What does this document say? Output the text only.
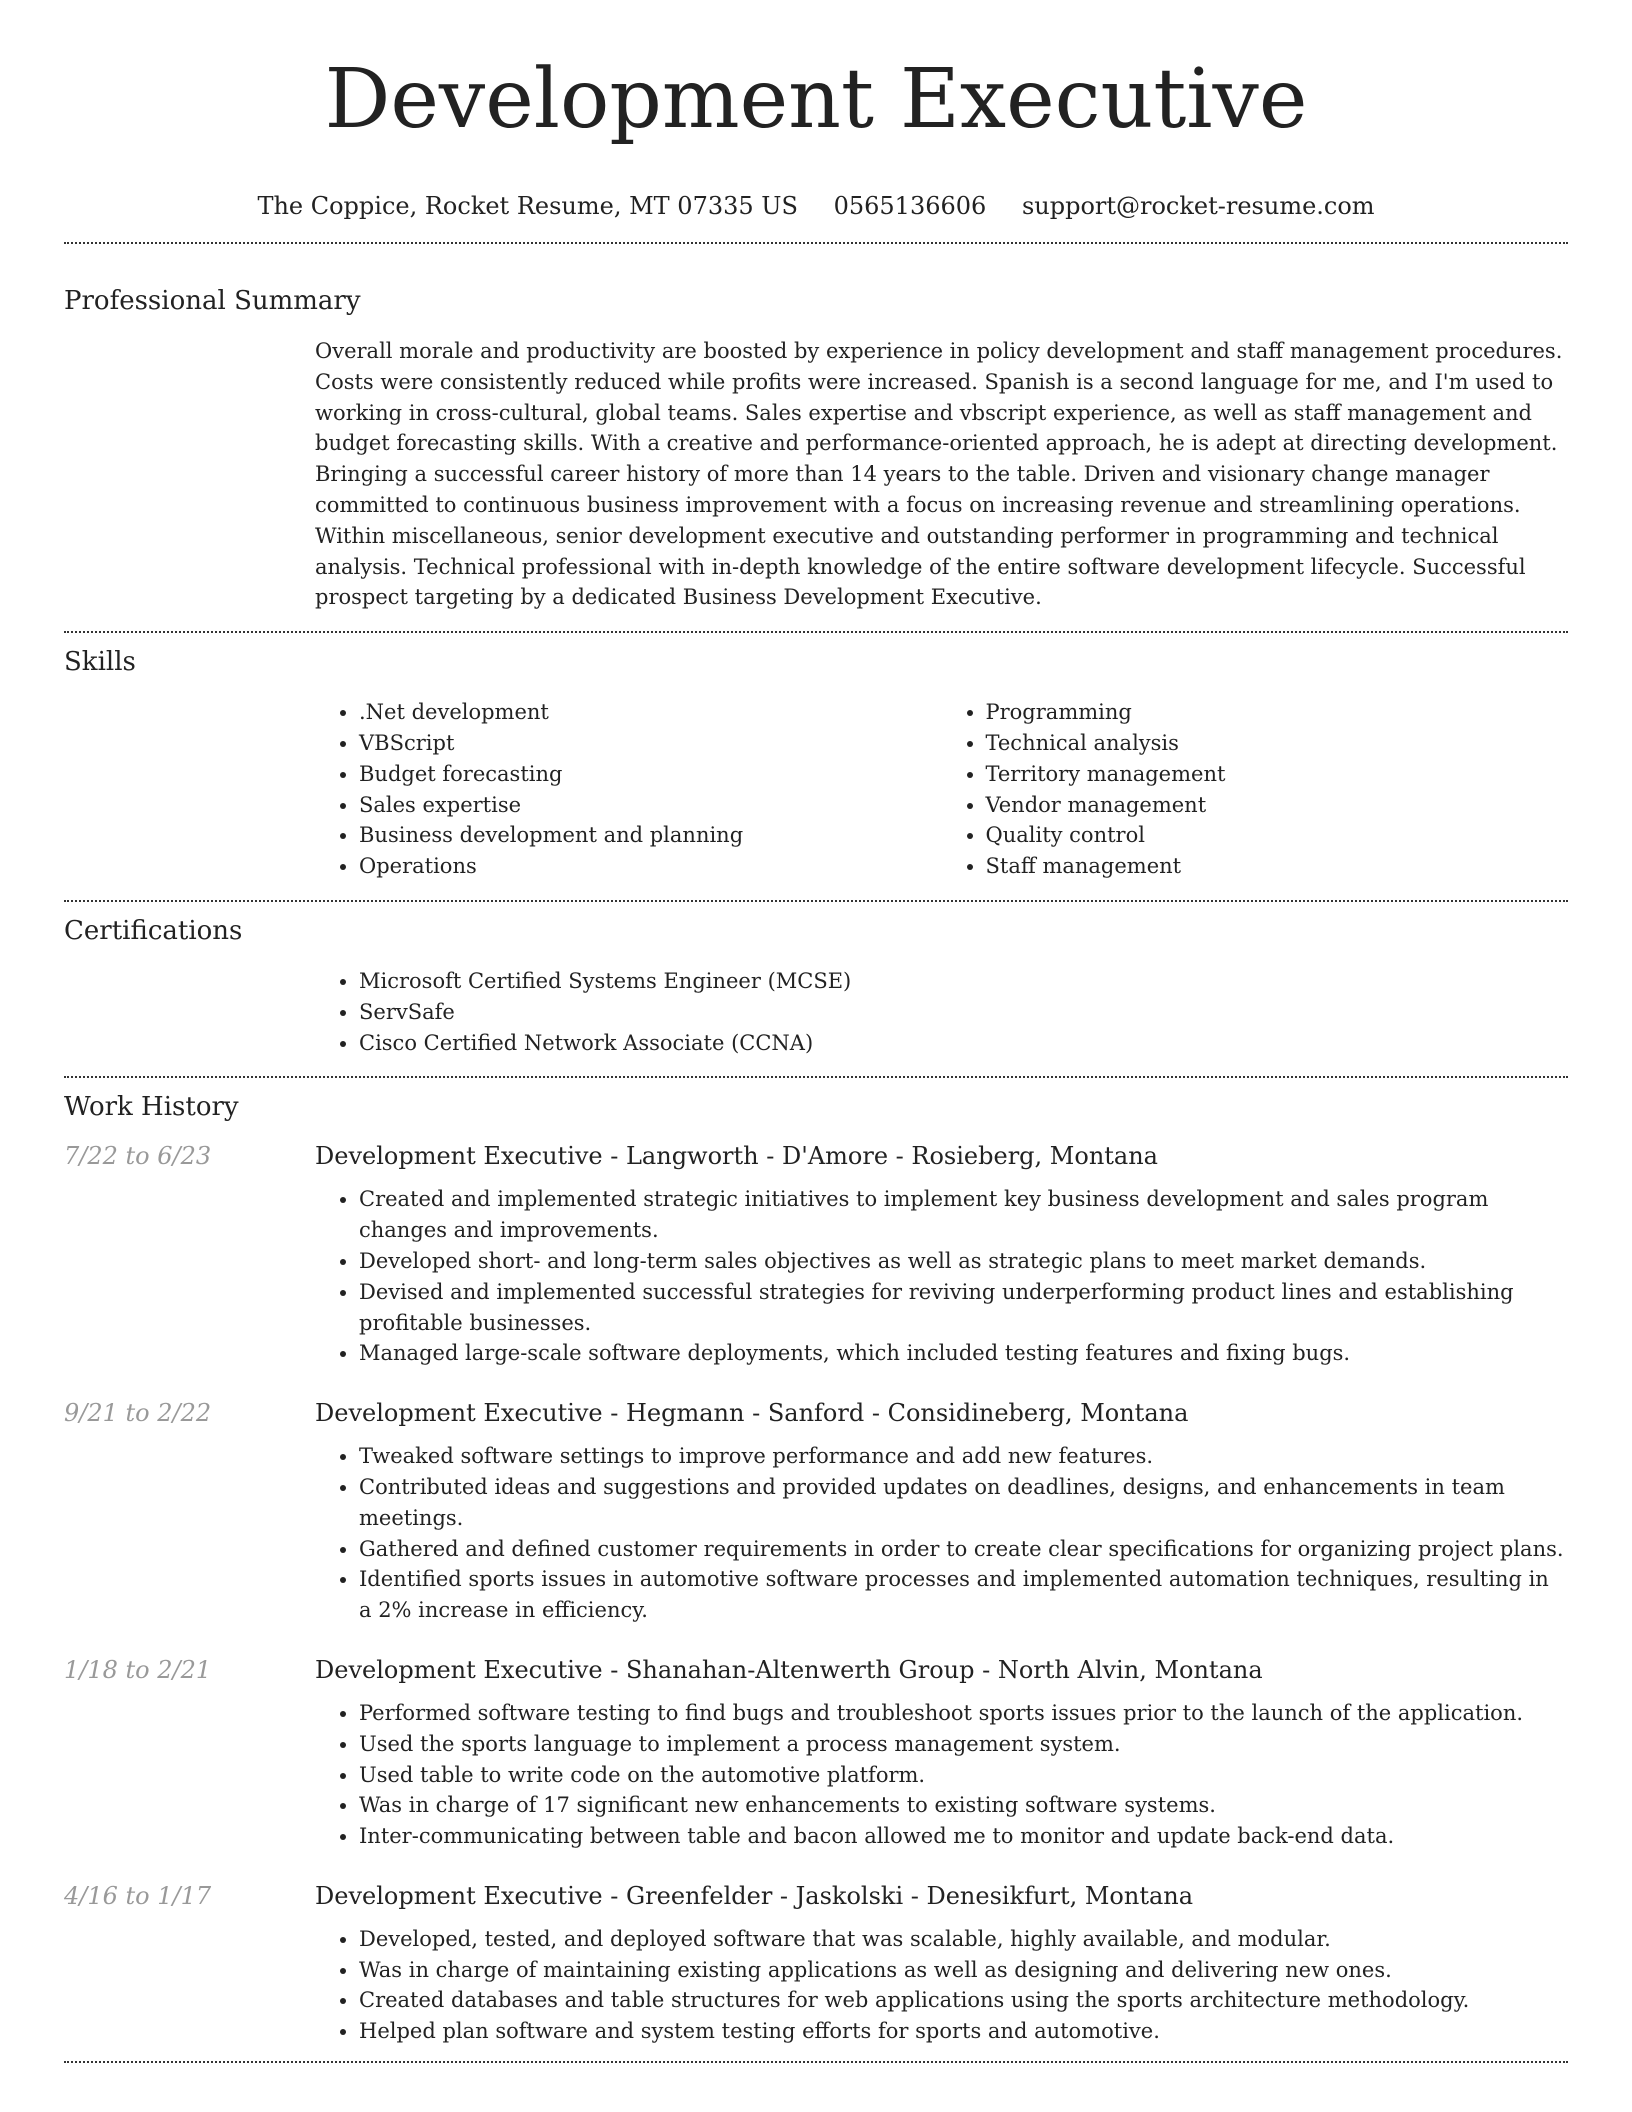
Development Executive
The Coppice, Rocket Resume, MT 07335 US 0565136606 support@rocket-resume.com
Professional Summary
Overall morale and productivity are boosted by experience in policy development and staff management procedures. Costs were consistently reduced while profits were increased. Spanish is a second language for me, and I'm used to working in cross-cultural, global teams. Sales expertise and vbscript experience, as well as staff management and budget forecasting skills. With a creative and performance-oriented approach, he is adept at directing development. Bringing a successful career history of more than 14 years to the table. Driven and visionary change manager committed to continuous business improvement with a focus on increasing revenue and streamlining operations. Within miscellaneous, senior development executive and outstanding performer in programming and technical analysis. Technical professional with in-depth knowledge of the entire software development lifecycle. Successful prospect targeting by a dedicated Business Development Executive.
Skills
• .Net development
• VBScript
• Budget forecasting
• Sales expertise
• Business development and planning
• Operations
• Programming
• Technical analysis
• Territory management
• Vendor management
• Quality control
• Staff management
Certifications
• Microsoft Certified Systems Engineer (MCSE)
• ServSafe
• Cisco Certified Network Associate (CCNA)
Work History
7/22 to 6/23	Development Executive - Langworth - D'Amore - Rosieberg, Montana
• Created and implemented strategic initiatives to implement key business development and sales program changes and improvements.
• Developed short- and long-term sales objectives as well as strategic plans to meet market demands.
• Devised and implemented successful strategies for reviving underperforming product lines and establishing profitable businesses.
• Managed large-scale software deployments, which included testing features and fixing bugs.
9/21 to 2/22	Development Executive - Hegmann - Sanford - Considineberg, Montana
• Tweaked software settings to improve performance and add new features.
• Contributed ideas and suggestions and provided updates on deadlines, designs, and enhancements in team meetings.
• Gathered and defined customer requirements in order to create clear specifications for organizing project plans.
• Identified sports issues in automotive software processes and implemented automation techniques, resulting in a 2% increase in efficiency.
1/18 to 2/21	Development Executive - Shanahan-Altenwerth Group - North Alvin, Montana
• Performed software testing to find bugs and troubleshoot sports issues prior to the launch of the application.
• Used the sports language to implement a process management system.
• Used table to write code on the automotive platform.
• Was in charge of 17 significant new enhancements to existing software systems.
• Inter-communicating between table and bacon allowed me to monitor and update back-end data.
4/16 to 1/17	Development Executive - Greenfelder - Jaskolski - Denesikfurt, Montana
• Developed, tested, and deployed software that was scalable, highly available, and modular.
• Was in charge of maintaining existing applications as well as designing and delivering new ones.
• Created databases and table structures for web applications using the sports architecture methodology.
• Helped plan software and system testing efforts for sports and automotive.
